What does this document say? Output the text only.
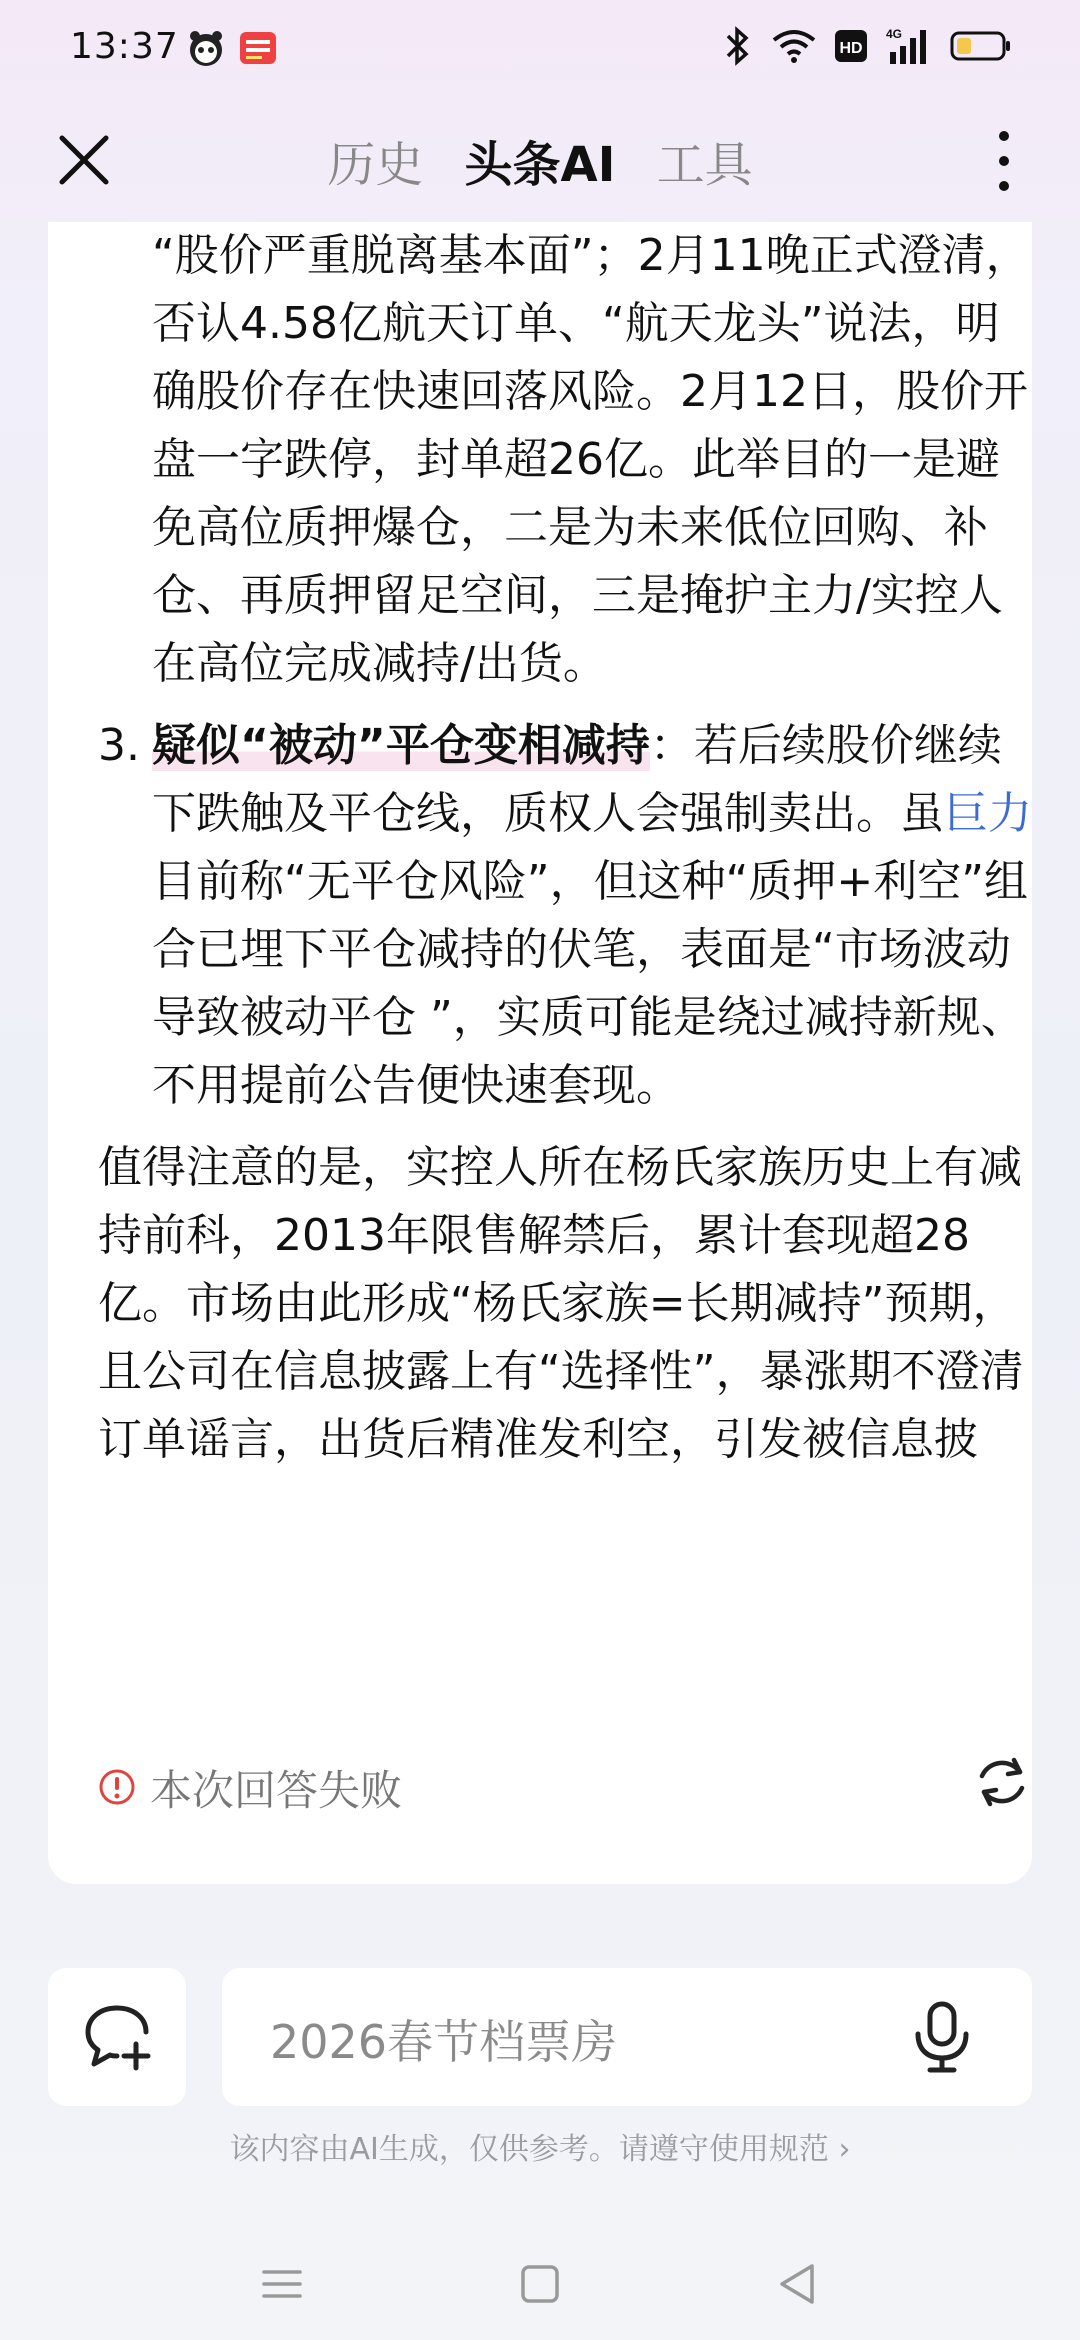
13:37	HD
4G
历史 头条AI 工具

“股价严重脱离基本面”；2月11晚正式澄清，否认4.58亿航天订单、“航天龙头”说法，明确股价存在快速回落风险。2月12日，股价开盘一字跌停，封单超26亿。此举目的一是避免高位质押爆仓，二是为未来低位回购、补仓、再质押留足空间，三是掩护主力/实控人在高位完成减持/出货。

3. 疑似“被动”平仓变相减持：若后续股价继续下跌触及平仓线，质权人会强制卖出。虽巨力目前称“无平仓风险”，但这种“质押+利空”组合已埋下平仓减持的伏笔，表面是“市场波动导致被动平仓 ”，实质可能是绕过减持新规、不用提前公告便快速套现。

值得注意的是，实控人所在杨氏家族历史上有减持前科，2013年限售解禁后，累计套现超28亿。市场由此形成“杨氏家族=长期减持”预期，且公司在信息披露上有“选择性”，暴涨期不澄清订单谣言，出货后精准发利空，引发被信息披

本次回答失败
2026春节档票房
该内容由AI生成，仅供参考。请遵守使用规范 ›
